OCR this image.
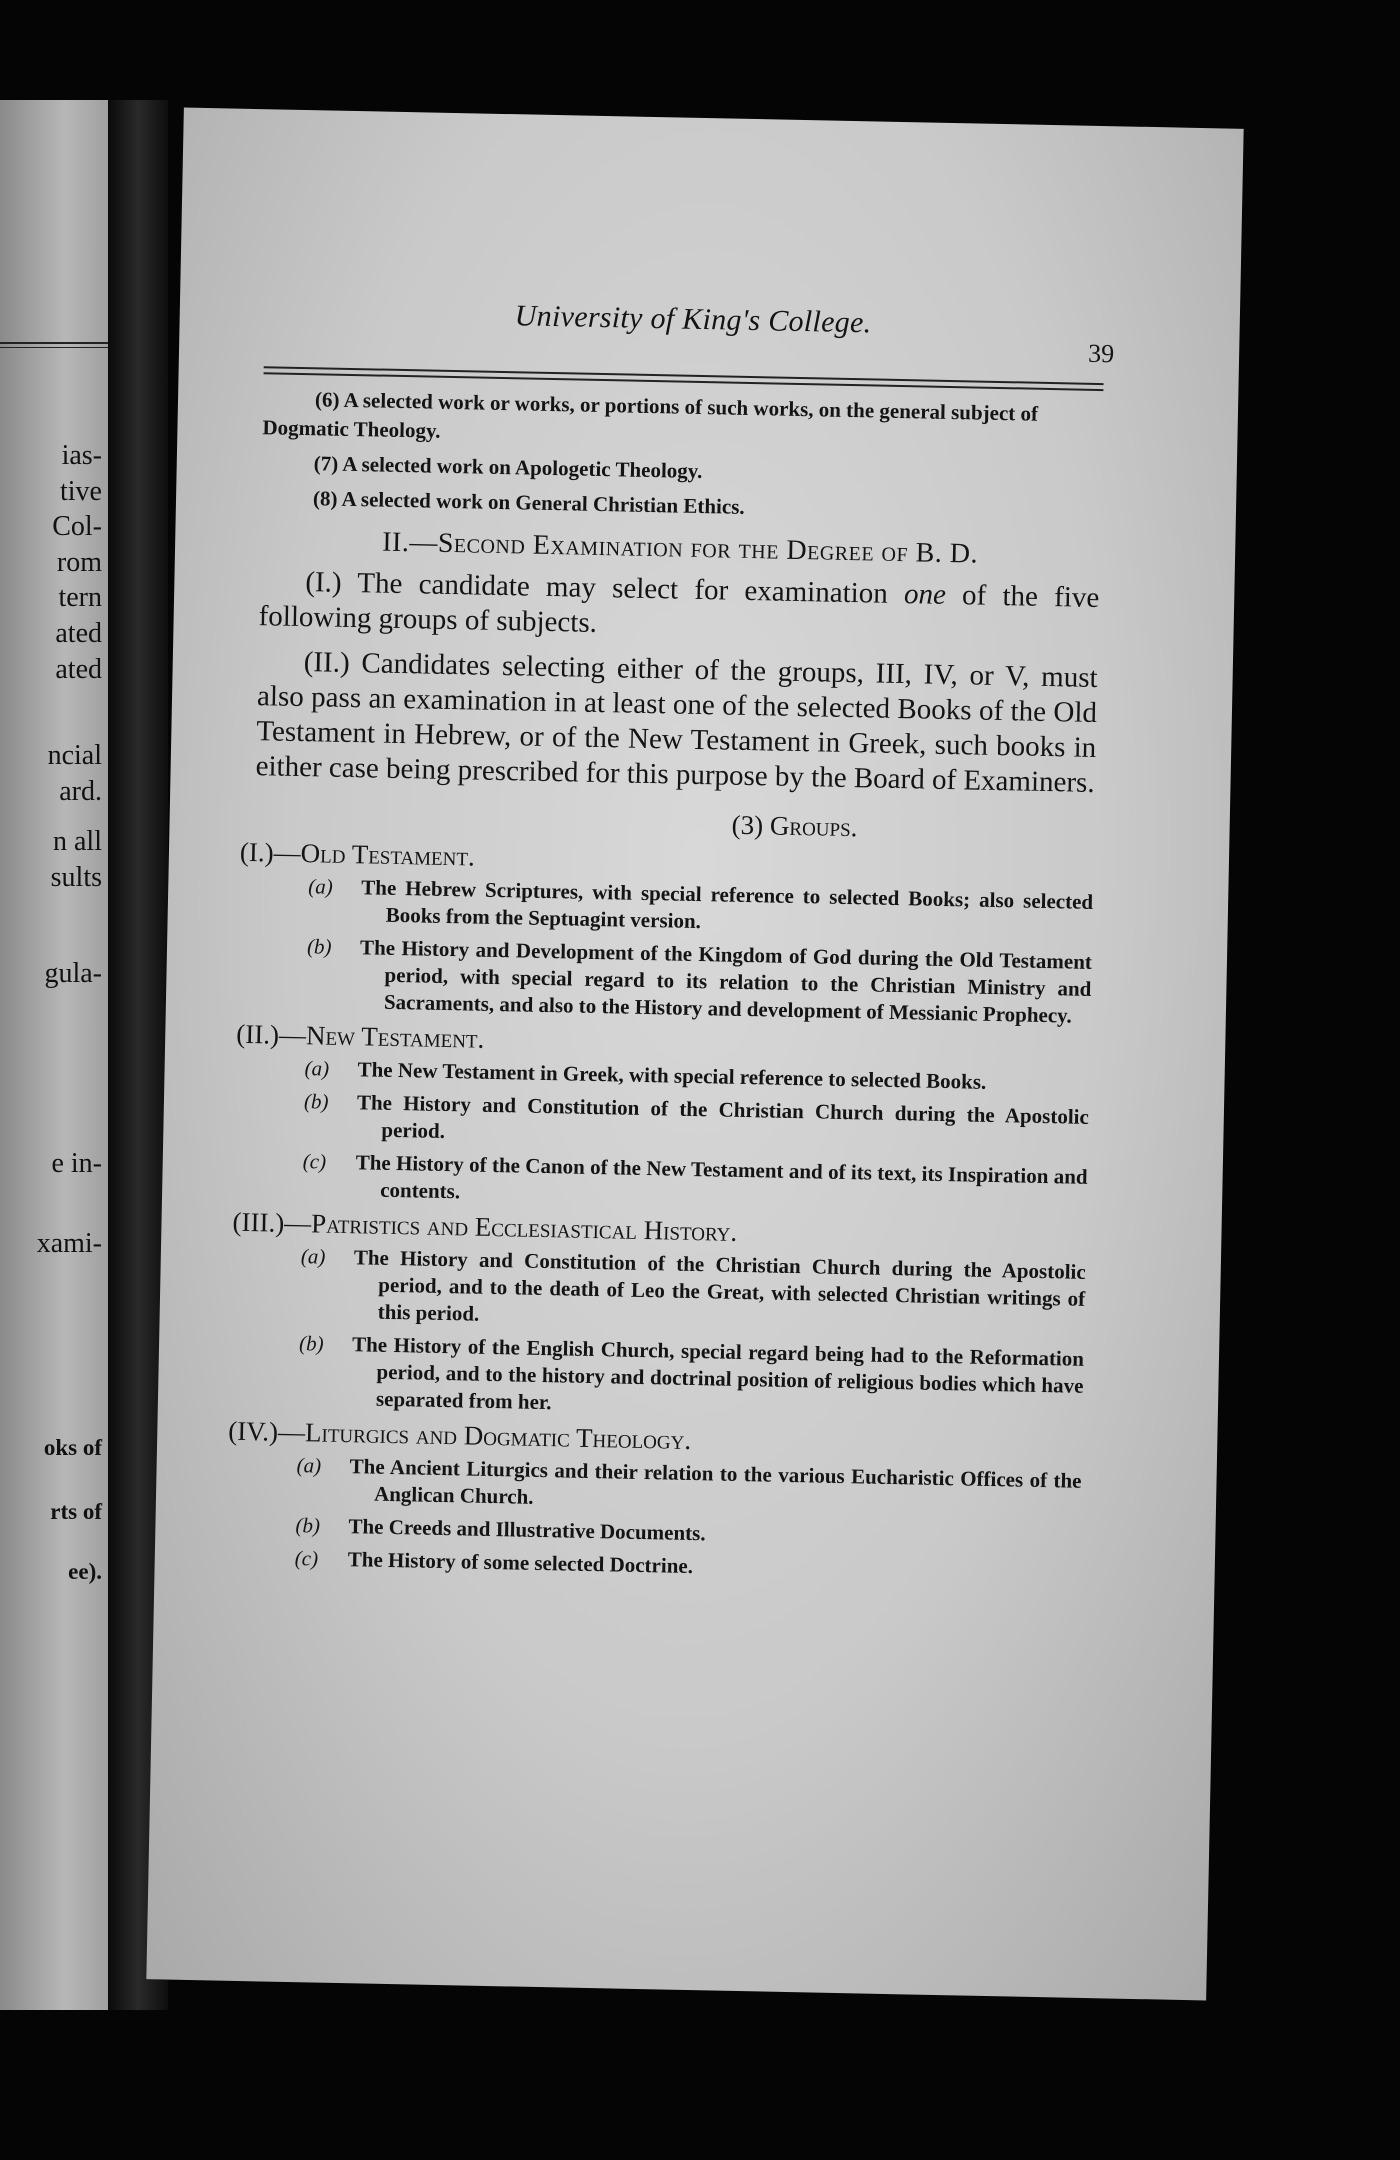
ias-
tive
Col-
rom
tern
ated
ated
ncial
ard.
n all
sults
gula-
e in-
xami-
oks of
rts of
ee).
University of King's College.
39

(6) A selected work or works, or portions of such works, on the general subject of Dogmatic Theology.

(7) A selected work on Apologetic Theology.

(8) A selected work on General Christian Ethics.

II.—Second Examination for the Degree of B. D.

(I.) The candidate may select for examination one of the five following groups of subjects.

(II.) Candidates selecting either of the groups, III, IV, or V, must also pass an examination in at least one of the selected Books of the Old Testament in Hebrew, or of the New Testament in Greek, such books in either case being prescribed for this purpose by the Board of Examiners.

(3) Groups.
(I.)—Old Testament.
(a) The Hebrew Scriptures, with special reference to selected Books; also selected Books from the Septuagint version.
(b) The History and Development of the Kingdom of God during the Old Testament period, with special regard to its relation to the Christian Ministry and Sacraments, and also to the History and development of Messianic Prophecy.
(II.)—New Testament.
(a) The New Testament in Greek, with special reference to selected Books.
(b) The History and Constitution of the Christian Church during the Apostolic period.
(c) The History of the Canon of the New Testament and of its text, its Inspiration and contents.
(III.)—Patristics and Ecclesiastical History.
(a) The History and Constitution of the Christian Church during the Apostolic period, and to the death of Leo the Great, with selected Christian writings of this period.
(b) The History of the English Church, special regard being had to the Reformation period, and to the history and doctrinal position of religious bodies which have separated from her.
(IV.)—Liturgics and Dogmatic Theology.
(a) The Ancient Liturgics and their relation to the various Eucharistic Offices of the Anglican Church.
(b) The Creeds and Illustrative Documents.
(c) The History of some selected Doctrine.
